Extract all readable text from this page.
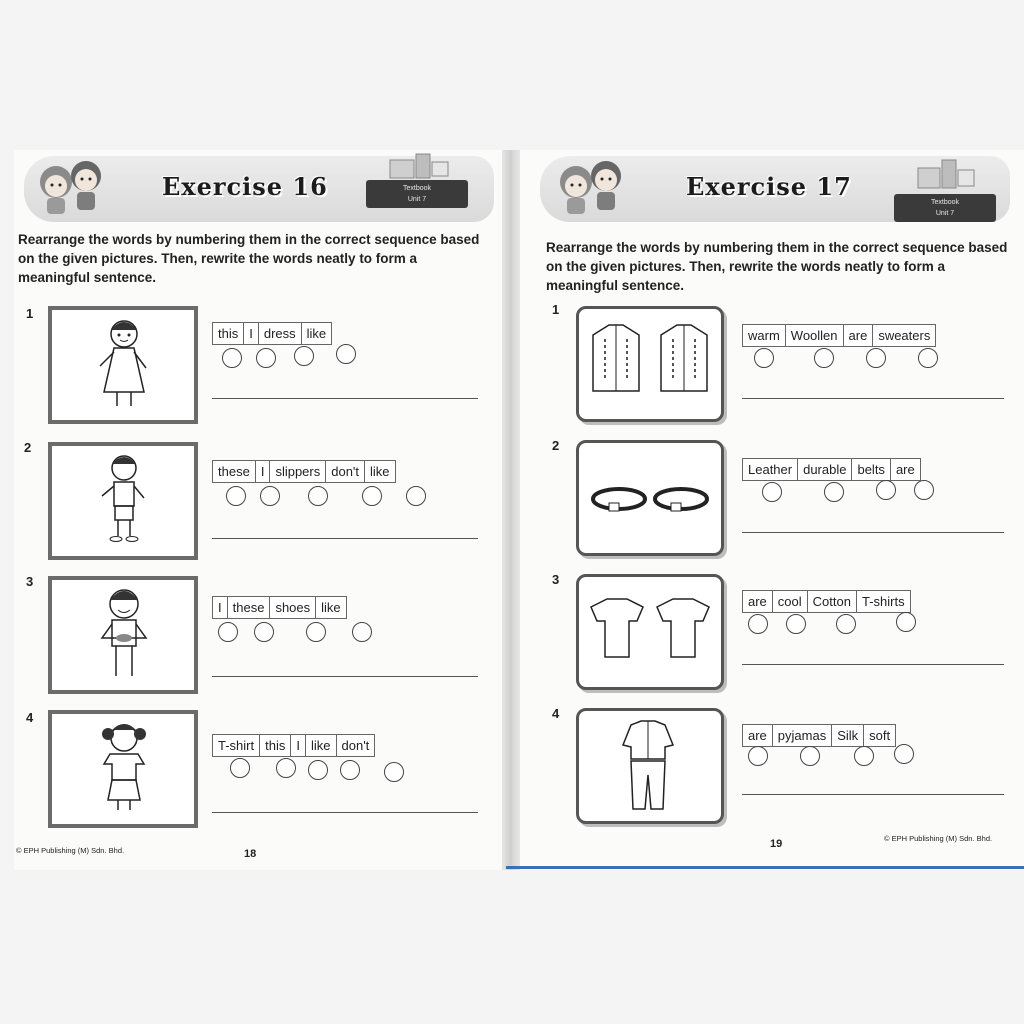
Exercise 16	Textbook
Unit 7
Rearrange the words by numbering them in the correct sequence based on the given pictures. Then, rewrite the words neatly to form a meaningful sentence.
1
this I dress like
2
these I slippers don't like
3
I these shoes like
4
T-shirt this I like don't
© EPH Publishing (M) Sdn. Bhd.	18
Exercise 17
Textbook
Unit 7
Rearrange the words by numbering them in the correct sequence based on the given pictures. Then, rewrite the words neatly to form a meaningful sentence.
1
warm Woollen are sweaters
2
Leather durable belts are
3
are cool Cotton T-shirts
4
are pyjamas Silk soft
19	© EPH Publishing (M) Sdn. Bhd.
